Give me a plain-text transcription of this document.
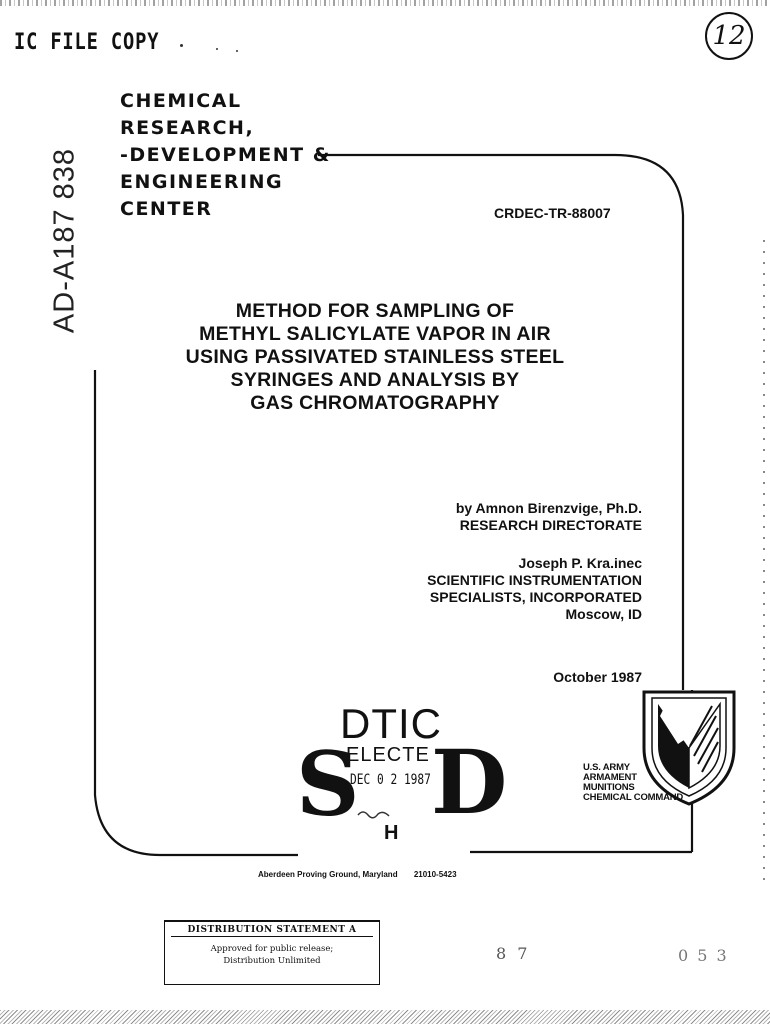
IC FILE COPY	12
AD-A187 838
CHEMICAL
RESEARCH,
-DEVELOPMENT &
ENGINEERING
CENTER	CRDEC-TR-88007
METHOD FOR SAMPLING OF
METHYL SALICYLATE VAPOR IN AIR
USING PASSIVATED STAINLESS STEEL
SYRINGES AND ANALYSIS BY
GAS CHROMATOGRAPHY
by Amnon Birenzvige, Ph.D.
RESEARCH DIRECTORATE
Joseph P. Kra.inec
SCIENTIFIC INSTRUMENTATION
SPECIALISTS, INCORPORATED
Moscow, ID
October 1987
DTIC
S D
ELECTE
DEC 0 2 1987
H
U.S. ARMY
ARMAMENT
MUNITIONS
CHEMICAL COMMAND
Aberdeen Proving Ground, Maryland 21010-5423
DISTRIBUTION STATEMENT A
Approved for public release;
Distribution Unlimited	8 7	0 5 3
